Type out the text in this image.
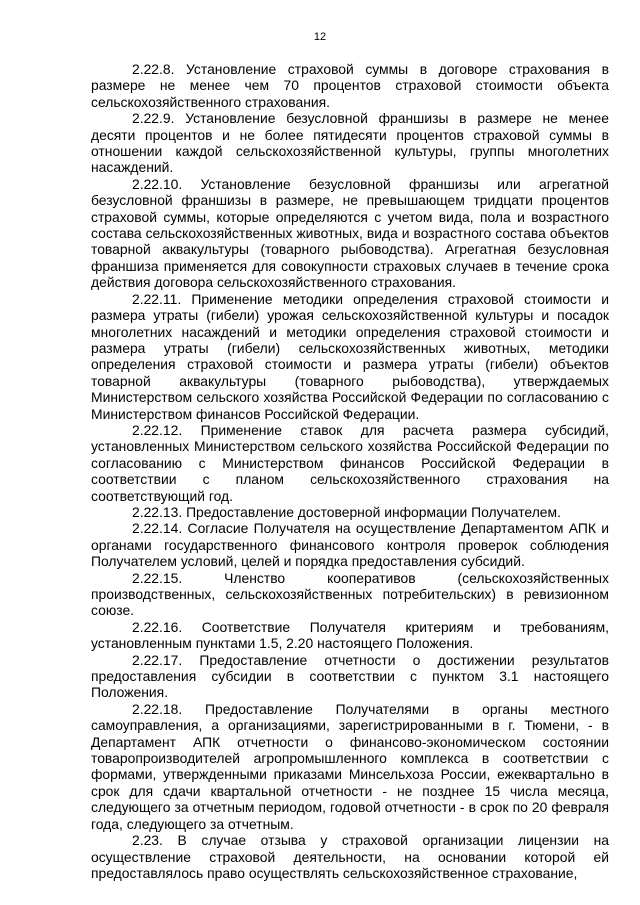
12

2.22.8. Установление страховой суммы в договоре страхования в размере не менее чем 70 процентов страховой стоимости объекта сельскохозяйственного страхования.

2.22.9. Установление безусловной франшизы в размере не менее десяти процентов и не более пятидесяти процентов страховой суммы в отношении каждой сельскохозяйственной культуры, группы многолетних насаждений.

2.22.10. Установление безусловной франшизы или агрегатной безусловной франшизы в размере, не превышающем тридцати процентов страховой суммы, которые определяются с учетом вида, пола и возрастного состава сельскохозяйственных животных, вида и возрастного состава объектов товарной аквакультуры (товарного рыбоводства). Агрегатная безусловная франшиза применяется для совокупности страховых случаев в течение срока действия договора сельскохозяйственного страхования.

2.22.11. Применение методики определения страховой стоимости и размера утраты (гибели) урожая сельскохозяйственной культуры и посадок многолетних насаждений и методики определения страховой стоимости и размера утраты (гибели) сельскохозяйственных животных, методики определения страховой стоимости и размера утраты (гибели) объектов товарной аквакультуры (товарного рыбоводства), утверждаемых Министерством сельского хозяйства Российской Федерации по согласованию с Министерством финансов Российской Федерации.

2.22.12. Применение ставок для расчета размера субсидий, установленных Министерством сельского хозяйства Российской Федерации по согласованию с Министерством финансов Российской Федерации в соответствии с планом сельскохозяйственного страхования на соответствующий год.

2.22.13. Предоставление достоверной информации Получателем.

2.22.14. Согласие Получателя на осуществление Департаментом АПК и органами государственного финансового контроля проверок соблюдения Получателем условий, целей и порядка предоставления субсидий.

2.22.15. Членство кооперативов (сельскохозяйственных производственных, сельскохозяйственных потребительских) в ревизионном союзе.

2.22.16. Соответствие Получателя критериям и требованиям, установленным пунктами 1.5, 2.20 настоящего Положения.

2.22.17. Предоставление отчетности о достижении результатов предоставления субсидии в соответствии с пунктом 3.1 настоящего Положения.

2.22.18. Предоставление Получателями в органы местного самоуправления, а организациями, зарегистрированными в г. Тюмени, - в Департамент АПК отчетности о финансово-экономическом состоянии товаропроизводителей агропромышленного комплекса в соответствии с формами, утвержденными приказами Минсельхоза России, ежеквартально в срок для сдачи квартальной отчетности - не позднее 15 числа месяца, следующего за отчетным периодом, годовой отчетности - в срок по 20 февраля года, следующего за отчетным.

2.23. В случае отзыва у страховой организации лицензии на осуществление страховой деятельности, на основании которой ей предоставлялось право осуществлять сельскохозяйственное страхование,
